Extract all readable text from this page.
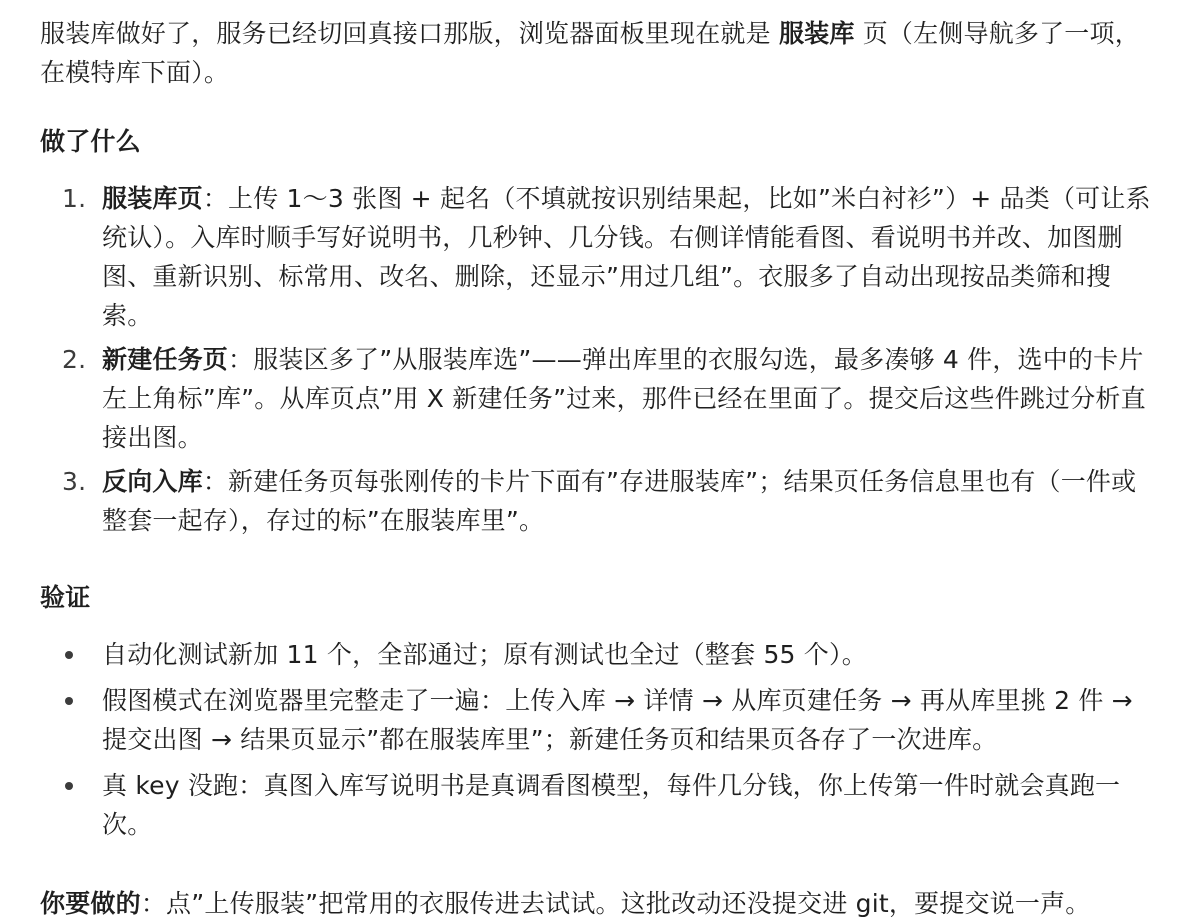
服装库做好了，服务已经切回真接口那版，浏览器面板里现在就是 服装库 页（左侧导航多了一项，在模特库下面）。

做了什么

1. 服装库页：上传 1～3 张图 + 起名（不填就按识别结果起，比如”米白衬衫”）+ 品类（可让系统认）。入库时顺手写好说明书，几秒钟、几分钱。右侧详情能看图、看说明书并改、加图删图、重新识别、标常用、改名、删除，还显示”用过几组”。衣服多了自动出现按品类筛和搜索。
2. 新建任务页：服装区多了”从服装库选”——弹出库里的衣服勾选，最多凑够 4 件，选中的卡片左上角标”库”。从库页点”用 X 新建任务”过来，那件已经在里面了。提交后这些件跳过分析直接出图。
3. 反向入库：新建任务页每张刚传的卡片下面有”存进服装库”；结果页任务信息里也有（一件或整套一起存），存过的标”在服装库里”。

验证

自动化测试新加 11 个，全部通过；原有测试也全过（整套 55 个）。
假图模式在浏览器里完整走了一遍：上传入库 → 详情 → 从库页建任务 → 再从库里挑 2 件 → 提交出图 → 结果页显示”都在服装库里”；新建任务页和结果页各存了一次进库。
真 key 没跑：真图入库写说明书是真调看图模型，每件几分钱，你上传第一件时就会真跑一次。

你要做的：点”上传服装”把常用的衣服传进去试试。这批改动还没提交进 git，要提交说一声。
